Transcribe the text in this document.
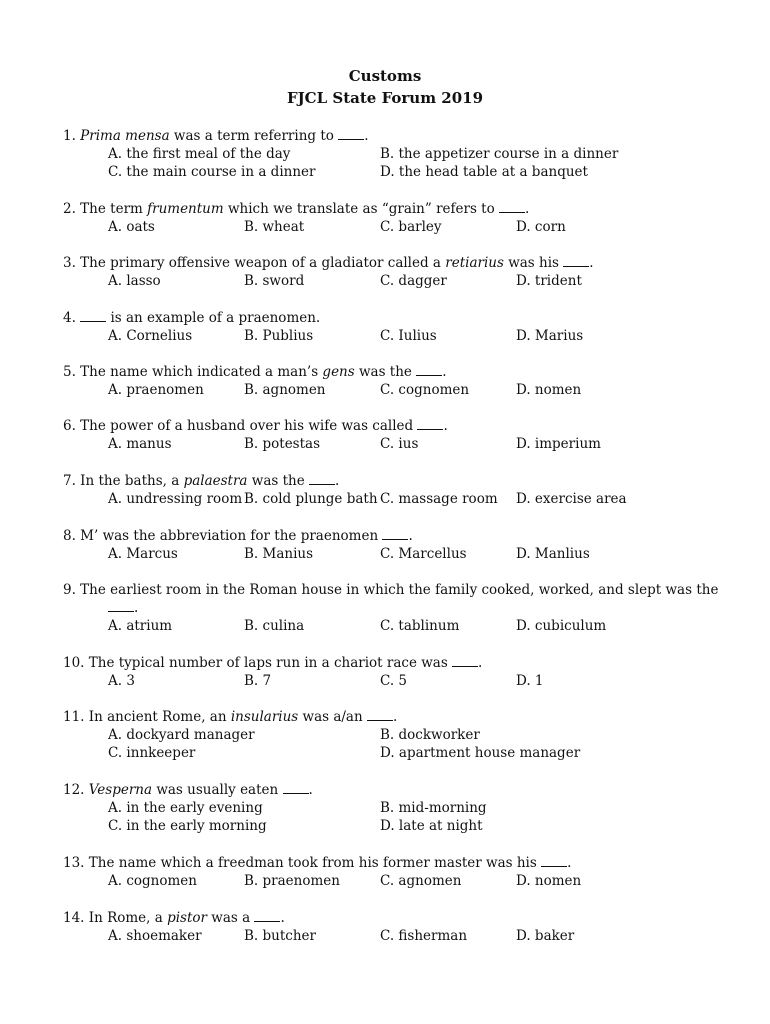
Customs
FJCL State Forum 2019
1. Prima mensa was a term referring to .
A. the first meal of the day	B. the appetizer course in a dinner
C. the main course in a dinner	D. the head table at a banquet
2. The term frumentum which we translate as “grain” refers to .
A. oats	B. wheat	C. barley	D. corn
3. The primary offensive weapon of a gladiator called a retiarius was his .
A. lasso	B. sword	C. dagger	D. trident
4.  is an example of a praenomen.
A. Cornelius	B. Publius	C. Iulius	D. Marius
5. The name which indicated a man’s gens was the .
A. praenomen	B. agnomen	C. cognomen	D. nomen
6. The power of a husband over his wife was called .
A. manus	B. potestas	C. ius	D. imperium
7. In the baths, a palaestra was the .
A. undressing room B. cold plunge bath C. massage room D. exercise area
8. M’ was the abbreviation for the praenomen .
A. Marcus	B. Manius	C. Marcellus	D. Manlius
9. The earliest room in the Roman house in which the family cooked, worked, and slept was the
.
A. atrium	B. culina	C. tablinum	D. cubiculum
10. The typical number of laps run in a chariot race was .
A. 3	B. 7	C. 5	D. 1
11. In ancient Rome, an insularius was a/an .
A. dockyard manager	B. dockworker
C. innkeeper	D. apartment house manager
12. Vesperna was usually eaten .
A. in the early evening	B. mid-morning
C. in the early morning	D. late at night
13. The name which a freedman took from his former master was his .
A. cognomen	B. praenomen	C. agnomen	D. nomen
14. In Rome, a pistor was a .
A. shoemaker	B. butcher	C. fisherman	D. baker
